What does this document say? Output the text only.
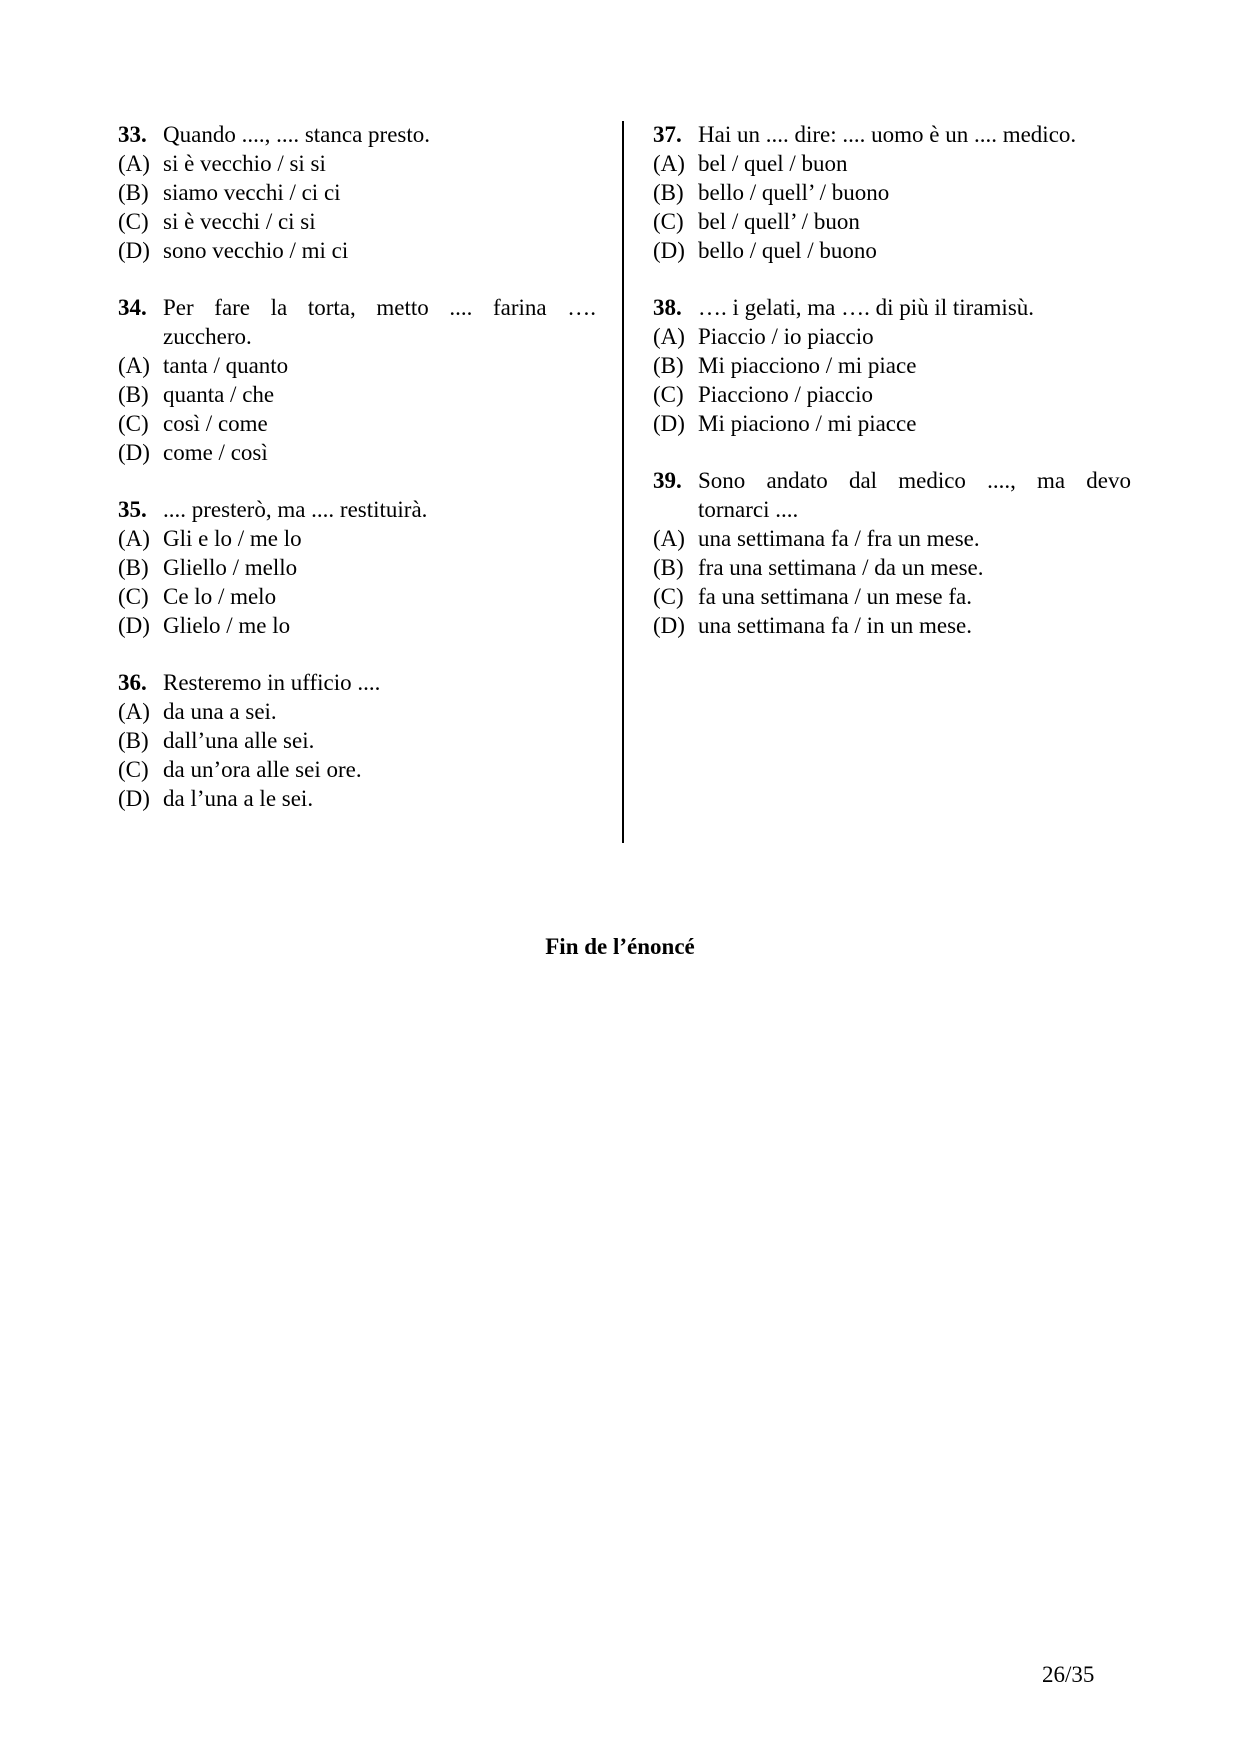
33. Quando ...., .... stanca presto.
(A) si è vecchio / si si
(B) siamo vecchi / ci ci
(C) si è vecchi / ci si
(D) sono vecchio / mi ci
34. Per fare la torta, metto .... farina ….
zucchero.
(A) tanta / quanto
(B) quanta / che
(C) così / come
(D) come / così
35. .... presterò, ma .... restituirà.
(A) Gli e lo / me lo
(B) Gliello / mello
(C) Ce lo / melo
(D) Glielo / me lo
36. Resteremo in ufficio ....
(A) da una a sei.
(B) dall’una alle sei.
(C) da un’ora alle sei ore.
(D) da l’una a le sei.
37. Hai un .... dire: .... uomo è un .... medico.
(A) bel / quel / buon
(B) bello / quell’ / buono
(C) bel / quell’ / buon
(D) bello / quel / buono
38. …. i gelati, ma …. di più il tiramisù.
(A) Piaccio / io piaccio
(B) Mi piacciono / mi piace
(C) Piacciono / piaccio
(D) Mi piaciono / mi piacce
39. Sono andato dal medico ...., ma devo
tornarci ....
(A) una settimana fa / fra un mese.
(B) fra una settimana / da un mese.
(C) fa una settimana / un mese fa.
(D) una settimana fa / in un mese.
Fin de l’énoncé
26/35
